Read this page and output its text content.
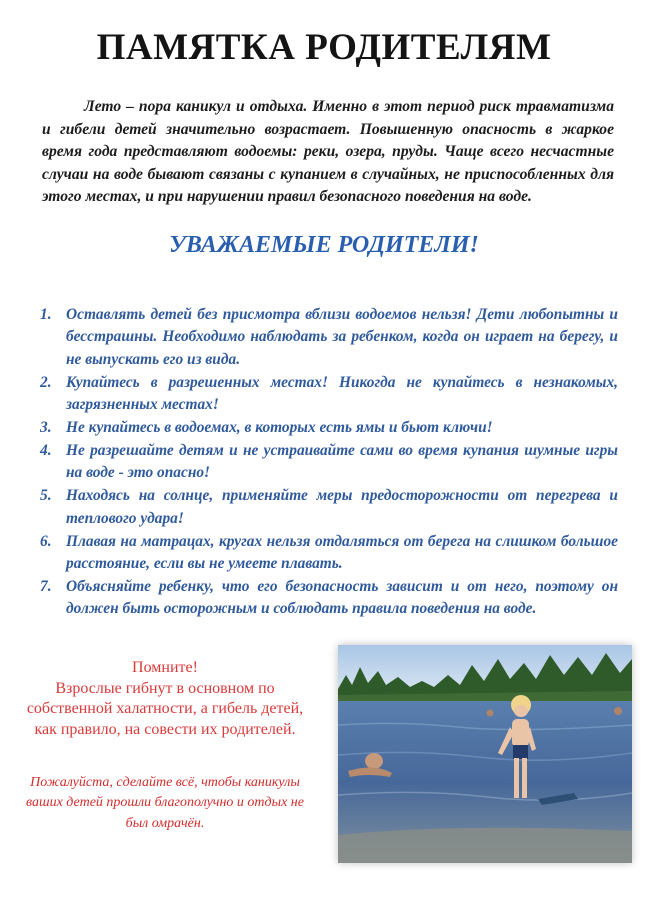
ПАМЯТКА РОДИТЕЛЯМ
Лето – пора каникул и отдыха. Именно в этот период риск травматизма и гибели детей значительно возрастает. Повышенную опасность в жаркое время года представляют водоемы: реки, озера, пруды. Чаще всего несчастные случаи на воде бывают связаны с купанием в случайных, не приспособленных для этого местах, и при нарушении правил безопасного поведения на воде.
УВАЖАЕМЫЕ РОДИТЕЛИ!
1. Оставлять детей без присмотра вблизи водоемов нельзя! Дети любопытны и бесстрашны. Необходимо наблюдать за ребенком, когда он играет на берегу, и не выпускать его из вида.
2. Купайтесь в разрешенных местах! Никогда не купайтесь в незнакомых, загрязненных местах!
3. Не купайтесь в водоемах, в которых есть ямы и бьют ключи!
4. Не разрешайте детям и не устраивайте сами во время купания шумные игры на воде - это опасно!
5. Находясь на солнце, применяйте меры предосторожности от перегрева и теплового удара!
6. Плавая на матрацах, кругах нельзя отдаляться от берега на слишком большое расстояние, если вы не умеете плавать.
7. Объясняйте ребенку, что его безопасность зависит и от него, поэтому он должен быть осторожным и соблюдать правила поведения на воде.
Помните!
Взрослые гибнут в основном по собственной халатности, а гибель детей, как правило, на совести их родителей.
Пожалуйста, сделайте всё, чтобы каникулы ваших детей прошли благополучно и отдых не был омрачён.
